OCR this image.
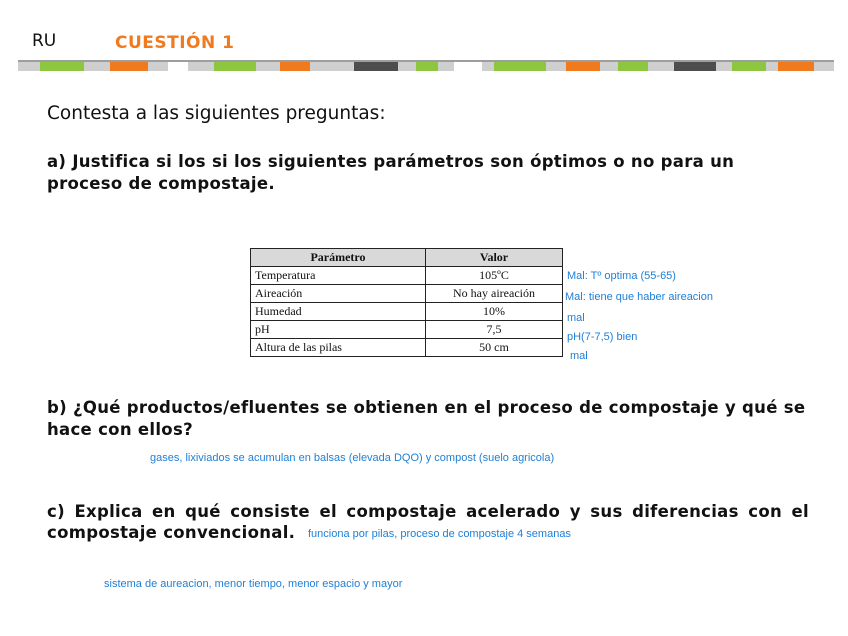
RU	CUESTIÓN 1
Contesta a las siguientes preguntas:
a) Justifica si los si los siguientes parámetros son óptimos o no para un
proceso de compostaje.
Parámetro	Valor
Temperatura	105ºC
Aireación	No hay aireación
Humedad	10%
pH	7,5
Altura de las pilas	50 cm
Mal: Tº optima (55-65)
Mal: tiene que haber aireacion
mal
pH(7-7,5) bien
mal
b) ¿Qué productos/efluentes se obtienen en el proceso de compostaje y qué se
hace con ellos?
gases, lixiviados se acumulan en balsas (elevada DQO) y compost (suelo agricola)
c) Explica en qué consiste el compostaje acelerado y sus diferencias con el
compostaje convencional. funciona por pilas, proceso de compostaje 4 semanas
sistema de aureacion, menor tiempo, menor espacio y mayor
